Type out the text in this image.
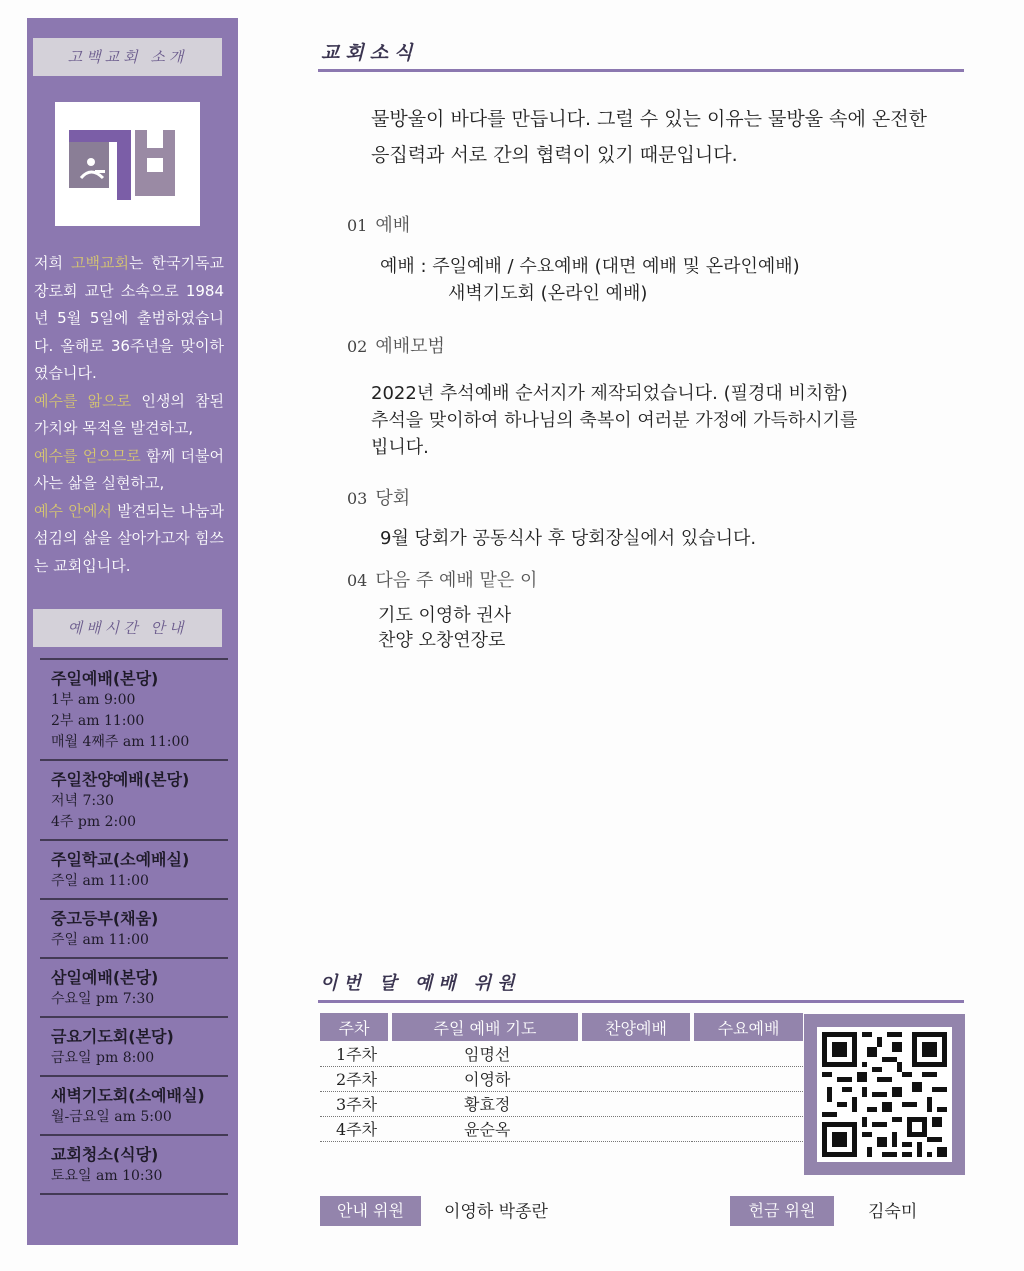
고백교회 소개
저희 고백교회는 한국기독교 장로회 교단 소속으로 1984년 5월 5일에 출범하였습니다. 올해로 36주년을 맞이하였습니다.
예수를 앎으로 인생의 참된 가치와 목적을 발견하고,
예수를 얻으므로 함께 더불어 사는 삶을 실현하고,
예수 안에서 발견되는 나눔과 섬김의 삶을 살아가고자 힘쓰는 교회입니다.
예배시간 안내
주일예배(본당)
1부 am 9:00
2부 am 11:00
매월 4째주 am 11:00
주일찬양예배(본당)
저녁 7:30
4주 pm 2:00
주일학교(소예배실)
주일 am 11:00
중고등부(채움)
주일 am 11:00
삼일예배(본당)
수요일 pm 7:30
금요기도회(본당)
금요일 pm 8:00
새벽기도회(소예배실)
월-금요일 am 5:00
교회청소(식당)
토요일 am 10:30
교회소식
물방울이 바다를 만듭니다. 그럴 수 있는 이유는 물방울 속에 온전한 응집력과 서로 간의 협력이 있기 때문입니다.
01 예배
예배 : 주일예배 / 수요예배 (대면 예배 및 온라인예배)
새벽기도회 (온라인 예배)
02 예배모범
2022년 추석예배 순서지가 제작되었습니다. (필경대 비치함)
추석을 맞이하여 하나님의 축복이 여러분 가정에 가득하시기를
빕니다.
03 당회
9월 당회가 공동식사 후 당회장실에서 있습니다.
04 다음 주 예배 맡은 이
기도 이영하 권사
찬양 오창연장로
이번 달 예배 위원
주차	주일 예배 기도	찬양예배	수요예배
1주차	임명선		
2주차	이영하		
3주차	황효정		
4주차	윤순옥		
안내 위원	이영하 박종란	헌금 위원	김숙미
